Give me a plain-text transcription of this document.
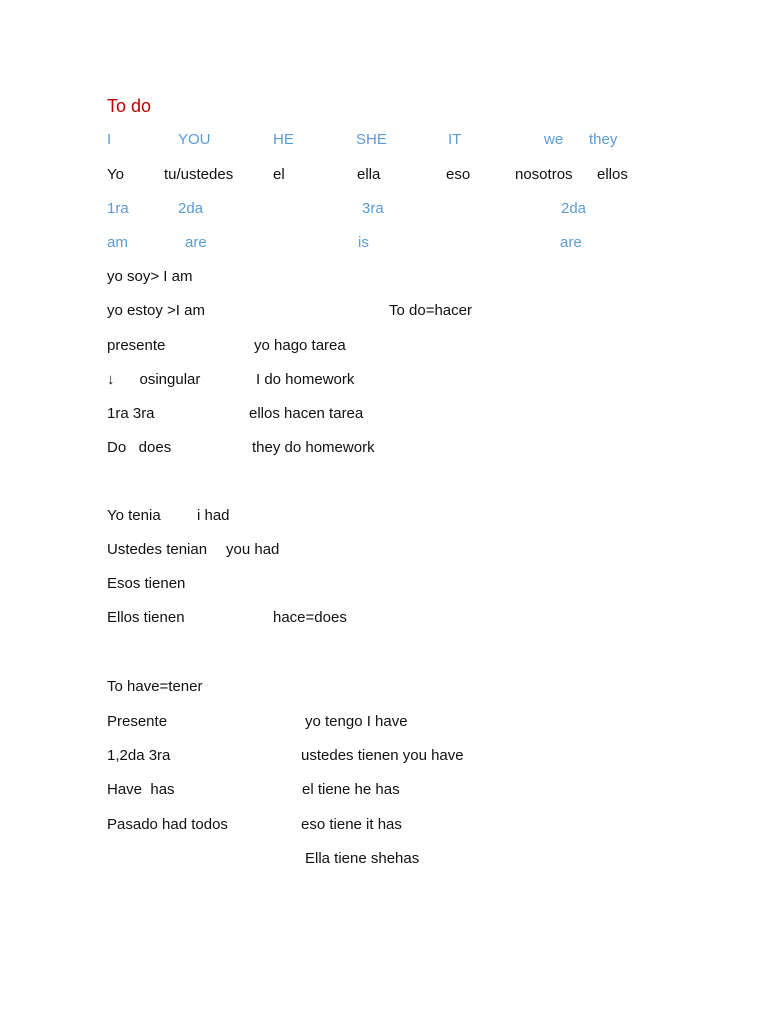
To do
I	YOU	HE	SHE	IT	we they
Yo	tu/ustedes	el	ella	eso	nosotros ellos
1ra	2da	3ra	2da
am	are	is	are
yo soy> I am
yo estoy >I am	To do=hacer
presente	yo hago tarea
↓      osingular	I do homework
1ra 3ra	ellos hacen tarea
Do   does	they do homework
Yo tenia i had
Ustedes tenian you had
Esos tienen
Ellos tienen	hace=does
To have=tener
Presente	yo tengo I have
1,2da 3ra	ustedes tienen you have
Have  has	el tiene he has
Pasado had todos	eso tiene it has
Ella tiene shehas
